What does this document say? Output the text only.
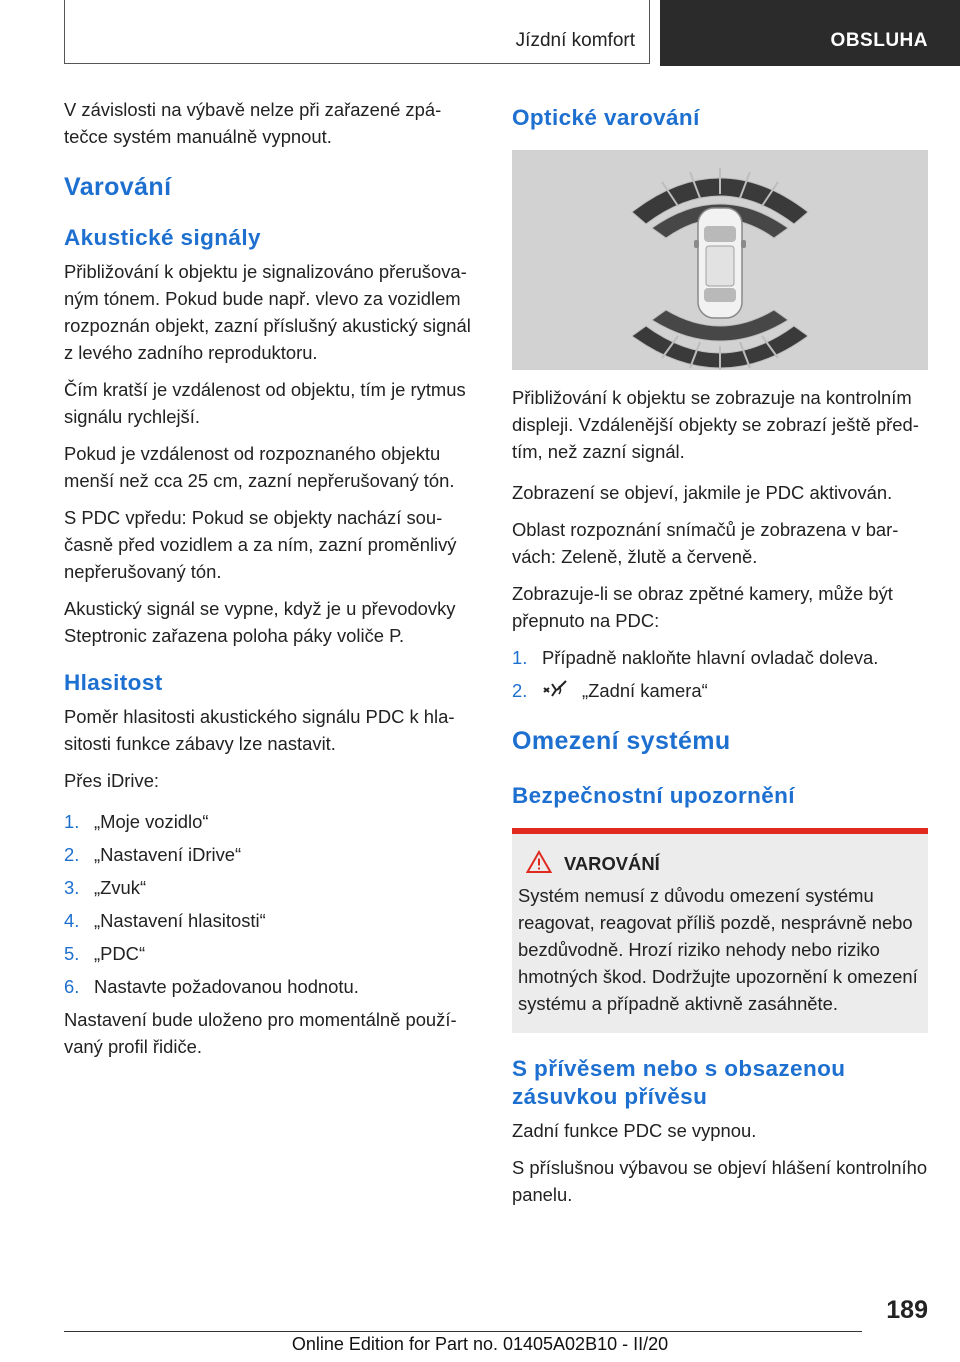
Jízdní komfort	OBSLUHA

V závislosti na výbavě nelze při zařazené zpátečce systém manuálně vypnout.

Varování
Akustické signály

Přibližování k objektu je signalizováno přerušovaným tónem. Pokud bude např. vlevo za vozidlem rozpoznán objekt, zazní příslušný akustický signál z levého zadního reproduktoru.

Čím kratší je vzdálenost od objektu, tím je rytmus signálu rychlejší.

Pokud je vzdálenost od rozpoznaného objektu menší než cca 25 cm, zazní nepřerušovaný tón.

S PDC vpředu: Pokud se objekty nachází současně před vozidlem a za ním, zazní proměnlivý nepřerušovaný tón.

Akustický signál se vypne, když je u převodovky Steptronic zařazena poloha páky voliče P.

Hlasitost

Poměr hlasitosti akustického signálu PDC k hlasitosti funkce zábavy lze nastavit.

Přes iDrive:

1. „Moje vozidlo“
2. „Nastavení iDrive“
3. „Zvuk“
4. „Nastavení hlasitosti“
5. „PDC“
6. Nastavte požadovanou hodnotu.

Nastavení bude uloženo pro momentálně používaný profil řidiče.

Optické varování

Přibližování k objektu se zobrazuje na kontrolním displeji. Vzdálenější objekty se zobrazí ještě předtím, než zazní signál.

Zobrazení se objeví, jakmile je PDC aktivován.

Oblast rozpoznání snímačů je zobrazena v barvách: Zeleně, žlutě a červeně.

Zobrazuje-li se obraz zpětné kamery, může být přepnuto na PDC:

1. Případně nakloňte hlavní ovladač doleva.
2.	„Zadní kamera“
Omezení systému
Bezpečnostní upozornění
VAROVÁNÍ

Systém nemusí z důvodu omezení systému reagovat, reagovat příliš pozdě, nesprávně nebo bezdůvodně. Hrozí riziko nehody nebo riziko hmotných škod. Dodržujte upozornění k omezení systému a případně aktivně zasáhněte.

S přívěsem nebo s obsazenou zásuvkou přívěsu

Zadní funkce PDC se vypnou.

S příslušnou výbavou se objeví hlášení kontrolního panelu.

189
Online Edition for Part no. 01405A02B10 - II/20
